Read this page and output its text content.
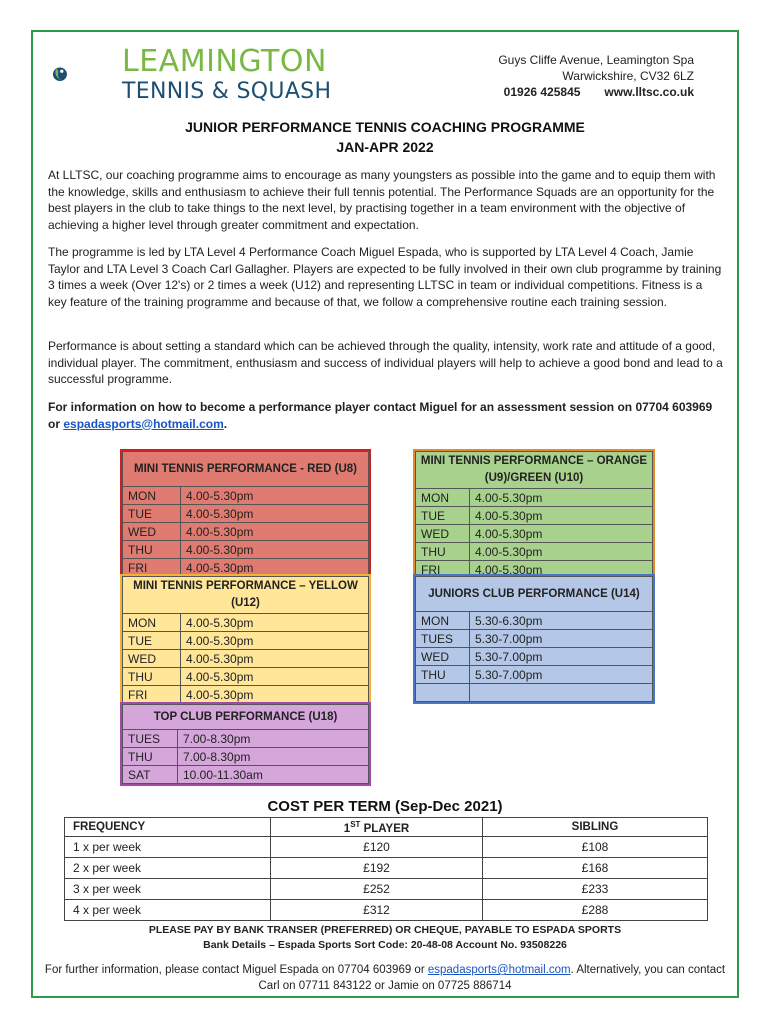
LEAMINGTON
TENNIS & SQUASH
Guys Cliffe Avenue, Leamington Spa
Warwickshire, CV32 6LZ
01926 425845 www.lltsc.co.uk
JUNIOR PERFORMANCE TENNIS COACHING PROGRAMME
JAN-APR 2022
At LLTSC, our coaching programme aims to encourage as many youngsters as possible into the game and to equip them with the knowledge, skills and enthusiasm to achieve their full tennis potential. The Performance Squads are an opportunity for the best players in the club to take things to the next level, by practising together in a team environment with the objective of achieving a higher level through greater commitment and expectation.
The programme is led by LTA Level 4 Performance Coach Miguel Espada, who is supported by LTA Level 4 Coach, Jamie Taylor and LTA Level 3 Coach Carl Gallagher. Players are expected to be fully involved in their own club programme by training 3 times a week (Over 12's) or 2 times a week (U12) and representing LLTSC in team or individual competitions. Fitness is a key feature of the training programme and because of that, we follow a comprehensive routine each training session.
Performance is about setting a standard which can be achieved through the quality, intensity, work rate and attitude of a good, individual player. The commitment, enthusiasm and success of individual players will help to achieve a good bond and lead to a successful programme.
For information on how to become a performance player contact Miguel for an assessment session on 07704 603969 or espadasports@hotmail.com.
MINI TENNIS PERFORMANCE - RED (U8)	
MON	4.00-5.30pm
TUE	4.00-5.30pm
WED	4.00-5.30pm
THU	4.00-5.30pm
FRI	4.00-5.30pm
MINI TENNIS PERFORMANCE – YELLOW (U12)	
MON	4.00-5.30pm
TUE	4.00-5.30pm
WED	4.00-5.30pm
THU	4.00-5.30pm
FRI	4.00-5.30pm
TOP CLUB PERFORMANCE (U18)	
TUES	7.00-8.30pm
THU	7.00-8.30pm
SAT	10.00-11.30am
MINI TENNIS PERFORMANCE – ORANGE (U9)/GREEN (U10)	
MON	4.00-5.30pm
TUE	4.00-5.30pm
WED	4.00-5.30pm
THU	4.00-5.30pm
FRI	4.00-5.30pm
JUNIORS CLUB PERFORMANCE (U14)	
MON	5.30-6.30pm
TUES	5.30-7.00pm
WED	5.30-7.00pm
THU	5.30-7.00pm

COST PER TERM (Sep-Dec 2021)
FREQUENCY	1ST PLAYER	SIBLING
1 x per week	£120	£108
2 x per week	£192	£168
3 x per week	£252	£233
4 x per week	£312	£288
PLEASE PAY BY BANK TRANSER (PREFERRED) OR CHEQUE, PAYABLE TO ESPADA SPORTS
Bank Details – Espada Sports Sort Code: 20-48-08 Account No. 93508226
For further information, please contact Miguel Espada on 07704 603969 or espadasports@hotmail.com. Alternatively, you can contact Carl on 07711 843122 or Jamie on 07725 886714
